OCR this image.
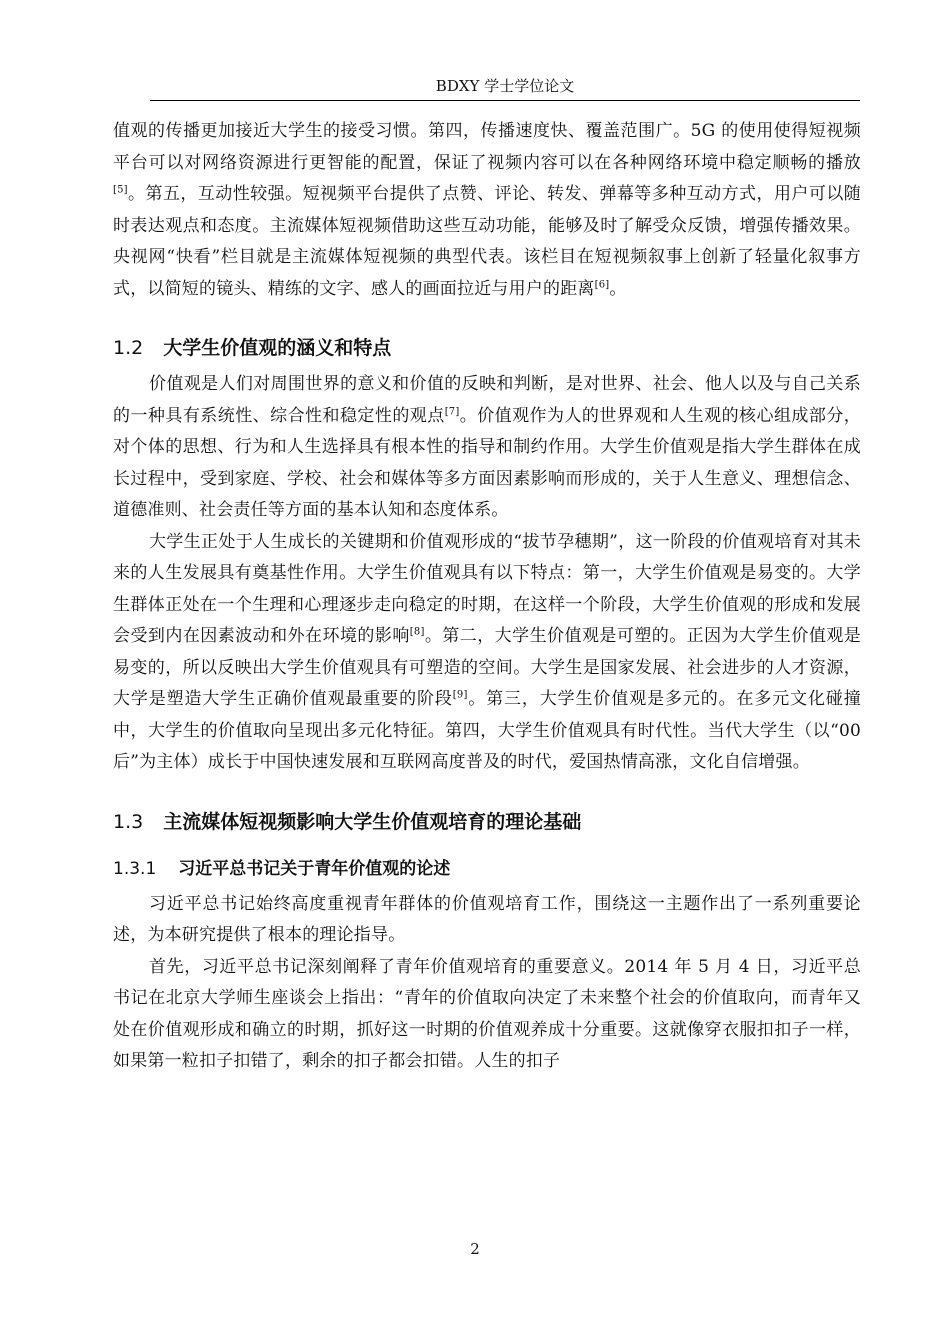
BDXY 学士学位论文

值观的传播更加接近大学生的接受习惯。第四，传播速度快、覆盖范围广。5G 的使用使得短视频平台可以对网络资源进行更智能的配置，保证了视频内容可以在各种网络环境中稳定顺畅的播放[5]。第五，互动性较强。短视频平台提供了点赞、评论、转发、弹幕等多种互动方式，用户可以随时表达观点和态度。主流媒体短视频借助这些互动功能，能够及时了解受众反馈，增强传播效果。央视网“快看”栏目就是主流媒体短视频的典型代表。该栏目在短视频叙事上创新了轻量化叙事方式，以简短的镜头、精练的文字、感人的画面拉近与用户的距离[6]。

1.2 大学生价值观的涵义和特点

价值观是人们对周围世界的意义和价值的反映和判断，是对世界、社会、他人以及与自己关系的一种具有系统性、综合性和稳定性的观点[7]。价值观作为人的世界观和人生观的核心组成部分，对个体的思想、行为和人生选择具有根本性的指导和制约作用。大学生价值观是指大学生群体在成长过程中，受到家庭、学校、社会和媒体等多方面因素影响而形成的，关于人生意义、理想信念、道德准则、社会责任等方面的基本认知和态度体系。

大学生正处于人生成长的关键期和价值观形成的“拔节孕穗期”，这一阶段的价值观培育对其未来的人生发展具有奠基性作用。大学生价值观具有以下特点：第一，大学生价值观是易变的。大学生群体正处在一个生理和心理逐步走向稳定的时期，在这样一个阶段，大学生价值观的形成和发展会受到内在因素波动和外在环境的影响[8]。第二，大学生价值观是可塑的。正因为大学生价值观是易变的，所以反映出大学生价值观具有可塑造的空间。大学生是国家发展、社会进步的人才资源，大学是塑造大学生正确价值观最重要的阶段[9]。第三，大学生价值观是多元的。在多元文化碰撞中，大学生的价值取向呈现出多元化特征。第四，大学生价值观具有时代性。当代大学生（以“00 后”为主体）成长于中国快速发展和互联网高度普及的时代，爱国热情高涨，文化自信增强。

1.3 主流媒体短视频影响大学生价值观培育的理论基础
1.3.1 习近平总书记关于青年价值观的论述

习近平总书记始终高度重视青年群体的价值观培育工作，围绕这一主题作出了一系列重要论述，为本研究提供了根本的理论指导。

首先，习近平总书记深刻阐释了青年价值观培育的重要意义。2014 年 5 月 4 日，习近平总书记在北京大学师生座谈会上指出：“青年的价值取向决定了未来整个社会的价值取向，而青年又处在价值观形成和确立的时期，抓好这一时期的价值观养成十分重要。这就像穿衣服扣扣子一样，如果第一粒扣子扣错了，剩余的扣子都会扣错。人生的扣子

2
